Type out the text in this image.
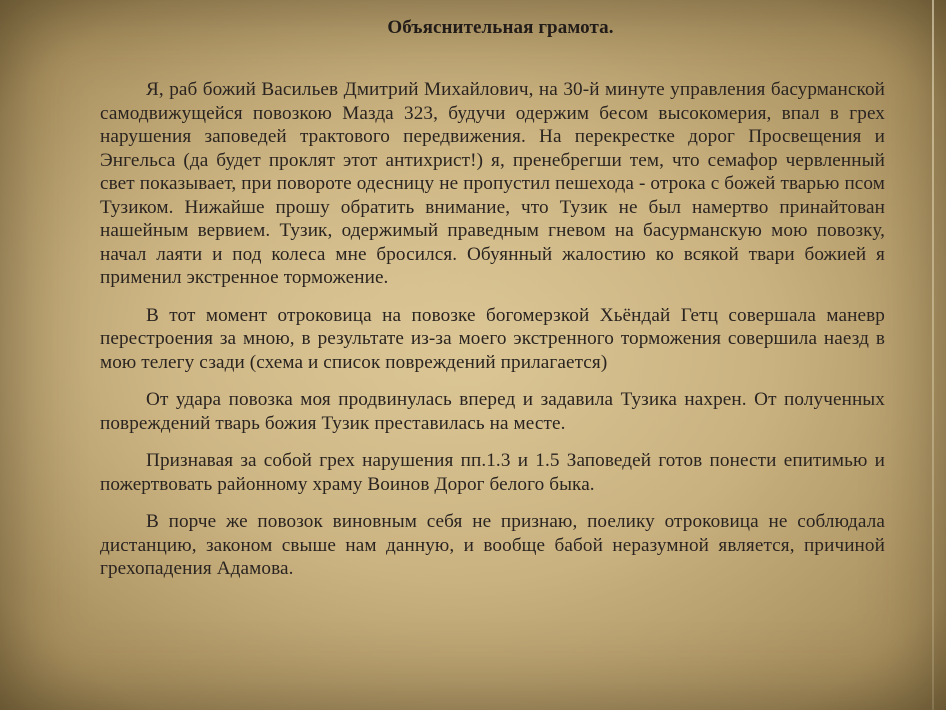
Объяснительная грамота.

Я, раб божий Васильев Дмитрий Михайлович, на 30-й минуте управления басурманской самодвижущейся повозкою Мазда 323, будучи одержим бесом высокомерия, впал в грех нарушения заповедей трактового передвижения. На перекрестке дорог Просвещения и Энгельса (да будет проклят этот антихрист!) я, пренебрегши тем, что семафор червленный свет показывает, при повороте одесницу не пропустил пешехода - отрока с божей тварью псом Тузиком. Нижайше прошу обратить внимание, что Тузик не был намертво принайтован нашейным вервием. Тузик, одержимый праведным гневом на басурманскую мою повозку, начал лаяти и под колеса мне бросился. Обуянный жалостию ко всякой твари божией я применил экстренное торможение.

В тот момент отроковица на повозке богомерзкой Хьёндай Гетц совершала маневр перестроения за мною, в результате из-за моего экстренного торможения совершила наезд в мою телегу сзади (схема и список повреждений прилагается)

От удара повозка моя продвинулась вперед и задавила Тузика нахрен. От полученных повреждений тварь божия Тузик преставилась на месте.

Признавая за собой грех нарушения пп.1.3 и 1.5 Заповедей готов понести епитимью и пожертвовать районному храму Воинов Дорог белого быка.

В порче же повозок виновным себя не признаю, поелику отроковица не соблюдала дистанцию, законом свыше нам данную, и вообще бабой неразумной является, причиной грехопадения Адамова.
